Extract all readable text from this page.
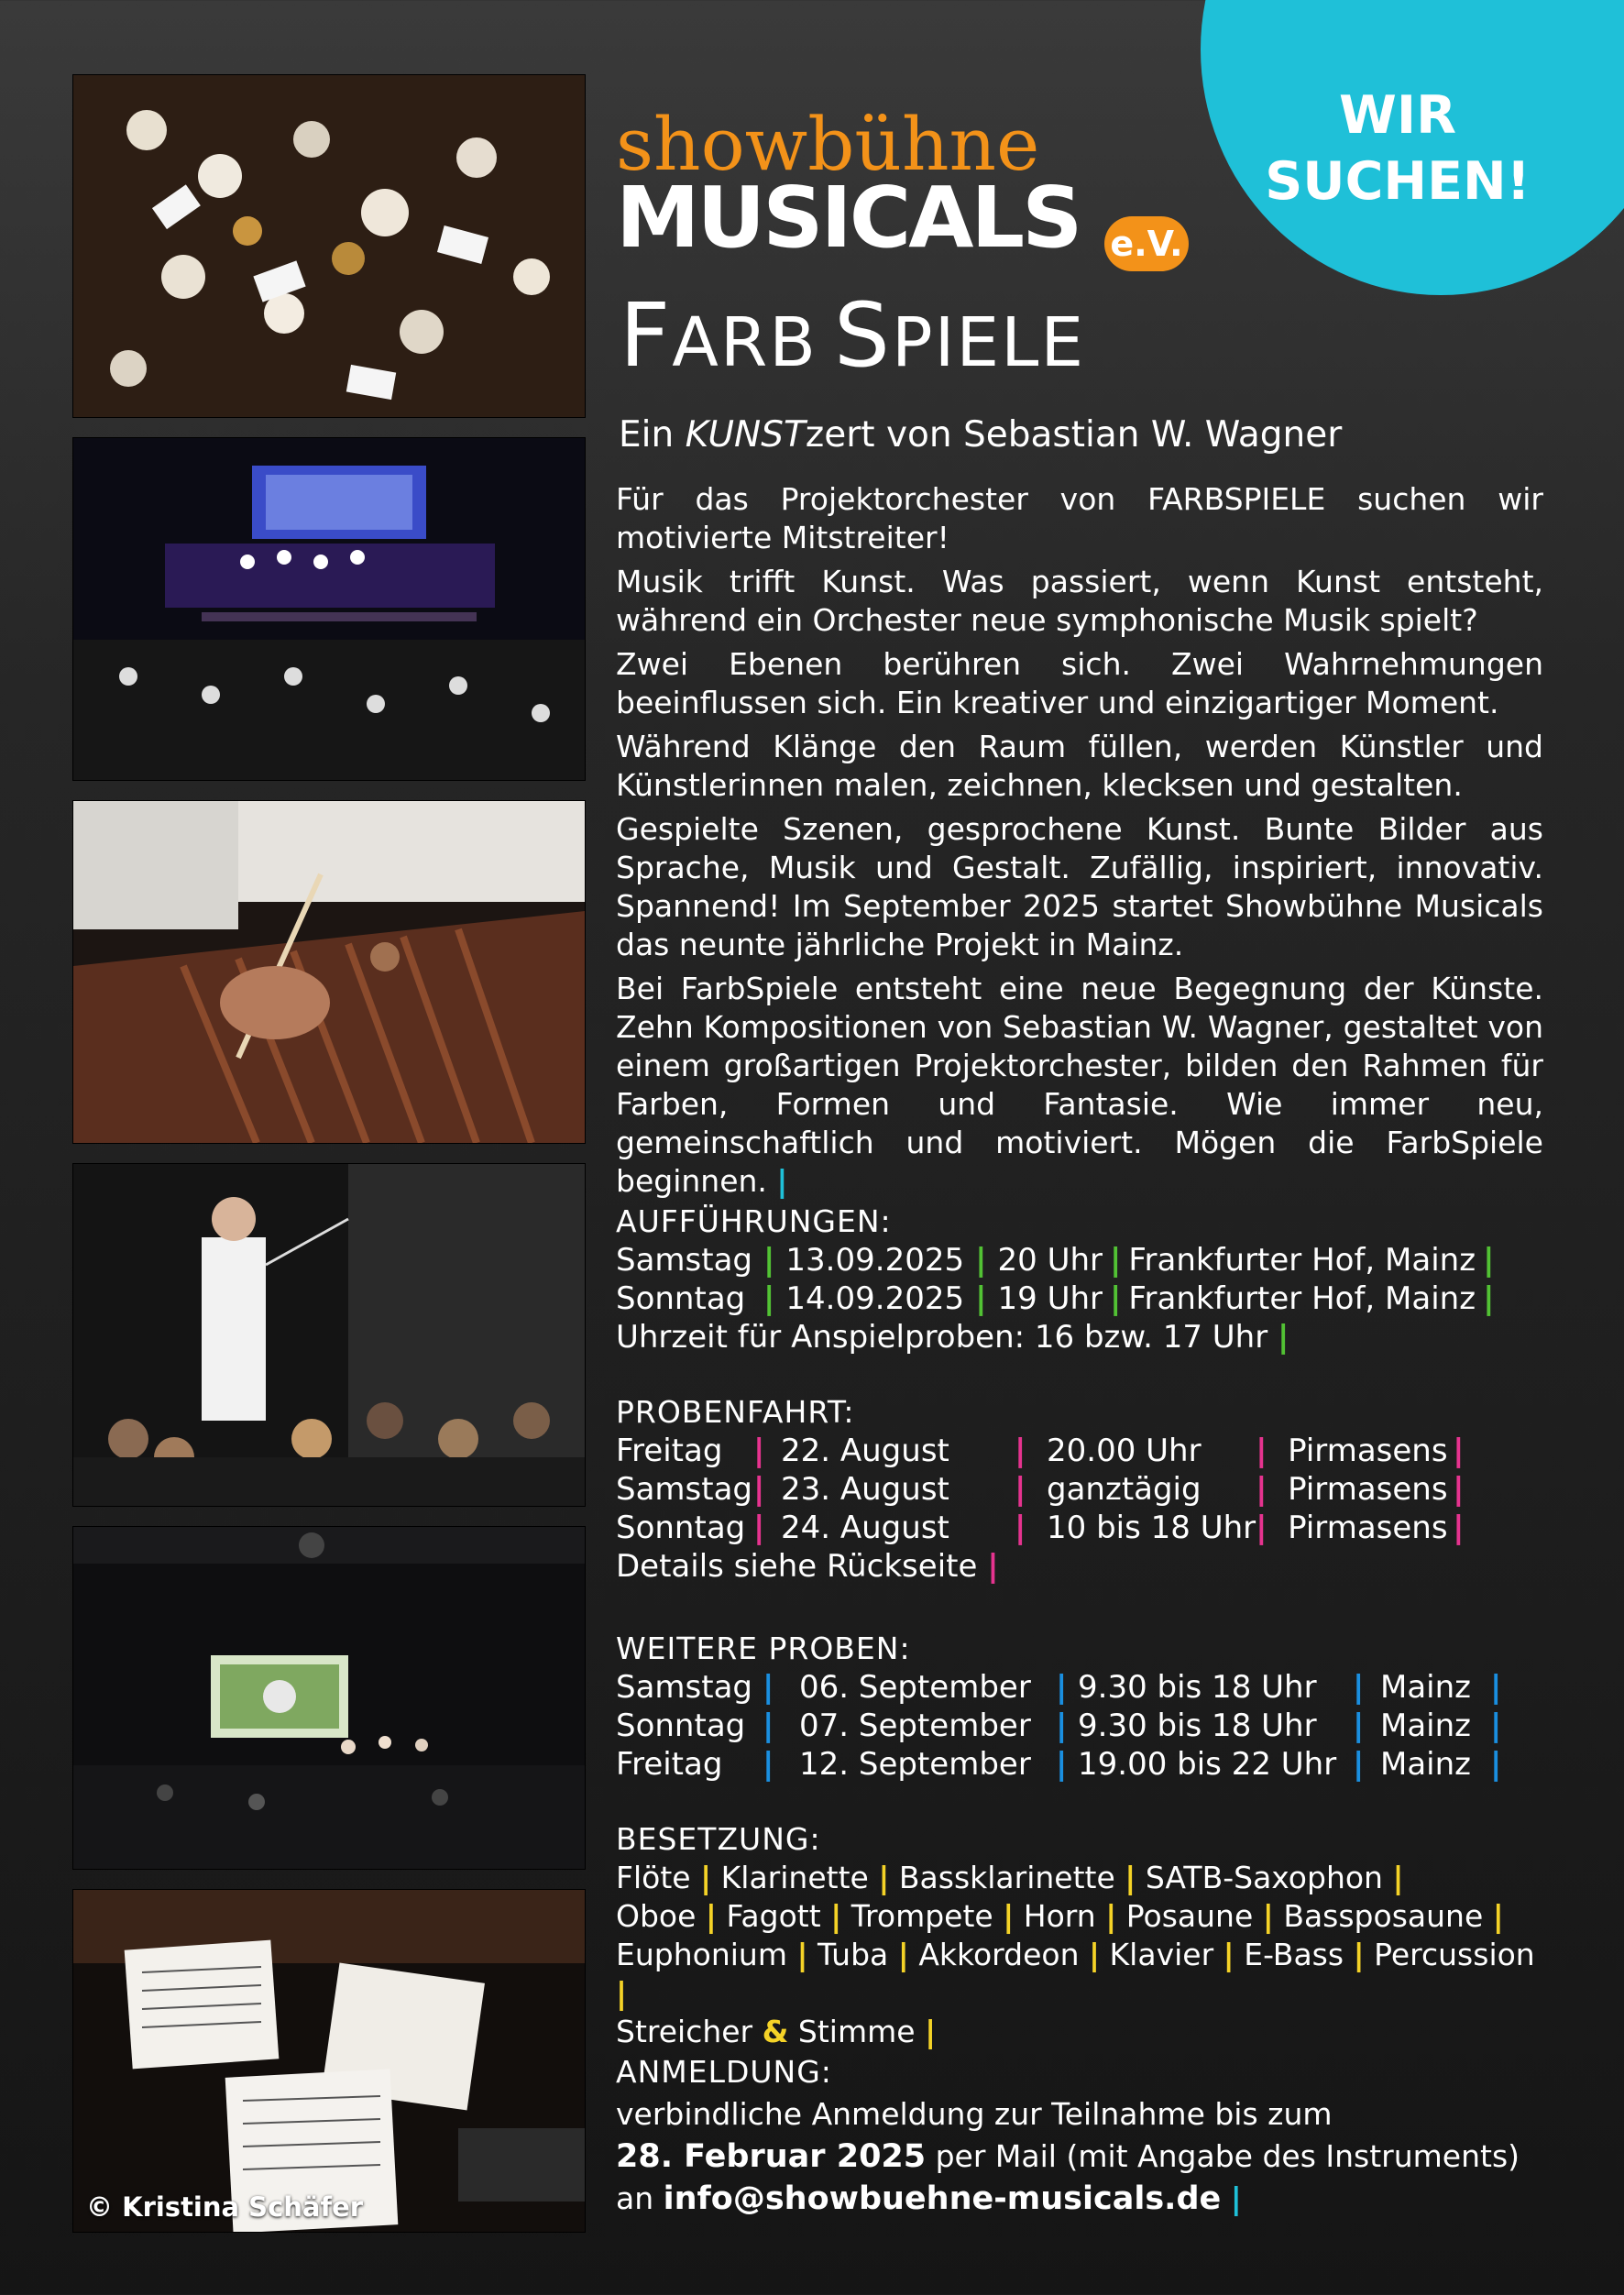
WIR
SUCHEN!
© Kristina Schäfer
showbühne
MUSICALS e.V.
FARB SPIELE
Ein KUNSTzert von Sebastian W. Wagner

Für das Projektorchester von FARBSPIELE suchen wir motivierte Mitstreiter!

Musik trifft Kunst. Was passiert, wenn Kunst entsteht, während ein Orchester neue symphonische Musik spielt?

Zwei Ebenen berühren sich. Zwei Wahrnehmungen beeinflussen sich. Ein kreativer und einzigartiger Moment.

Während Klänge den Raum füllen, werden Künstler und Künstlerinnen malen, zeichnen, klecksen und gestalten.

Gespielte Szenen, gesprochene Kunst. Bunte Bilder aus Sprache, Musik und Gestalt. Zufällig, inspiriert, innovativ. Spannend! Im September 2025 startet Showbühne Musicals das neunte jährliche Projekt in Mainz.

Bei FarbSpiele entsteht eine neue Begegnung der Künste. Zehn Kompositionen von Sebastian W. Wagner, gestaltet von einem großartigen Projektorchester, bilden den Rahmen für Farben, Formen und Fantasie. Wie immer neu, gemeinschaftlich und motiviert. Mögen die FarbSpiele beginnen. |

AUFFÜHRUNGEN:

Samstag	|	13.09.2025	|	20 Uhr	|	Frankfurter Hof, Mainz	|
Sonntag	|	14.09.2025	|	19 Uhr	|	Frankfurter Hof, Mainz	|
Uhrzeit für Anspielproben: 16 bzw. 17 Uhr |

PROBENFAHRT:

Freitag	|	22. August	|	20.00 Uhr	|	Pirmasens	|
Samstag	|	23. August	|	ganztägig	|	Pirmasens	|
Sonntag	|	24. August	|	10 bis 18 Uhr	|	Pirmasens	|
Details siehe Rückseite |

WEITERE PROBEN:

Samstag	|	06. September	|	9.30 bis 18 Uhr	|	Mainz	|
Sonntag	|	07. September	|	9.30 bis 18 Uhr	|	Mainz	|
Freitag	|	12. September	|	19.00 bis 22 Uhr	|	Mainz	|

BESETZUNG:

Flöte | Klarinette | Bassklarinette | SATB-Saxophon |
Oboe | Fagott | Trompete | Horn | Posaune | Bassposaune |
Euphonium | Tuba | Akkordeon | Klavier | E-Bass | Percussion |
Streicher & Stimme |

ANMELDUNG:

verbindliche Anmeldung zur Teilnahme bis zum
28. Februar 2025 per Mail (mit Angabe des Instruments)
an info@showbuehne-musicals.de |
